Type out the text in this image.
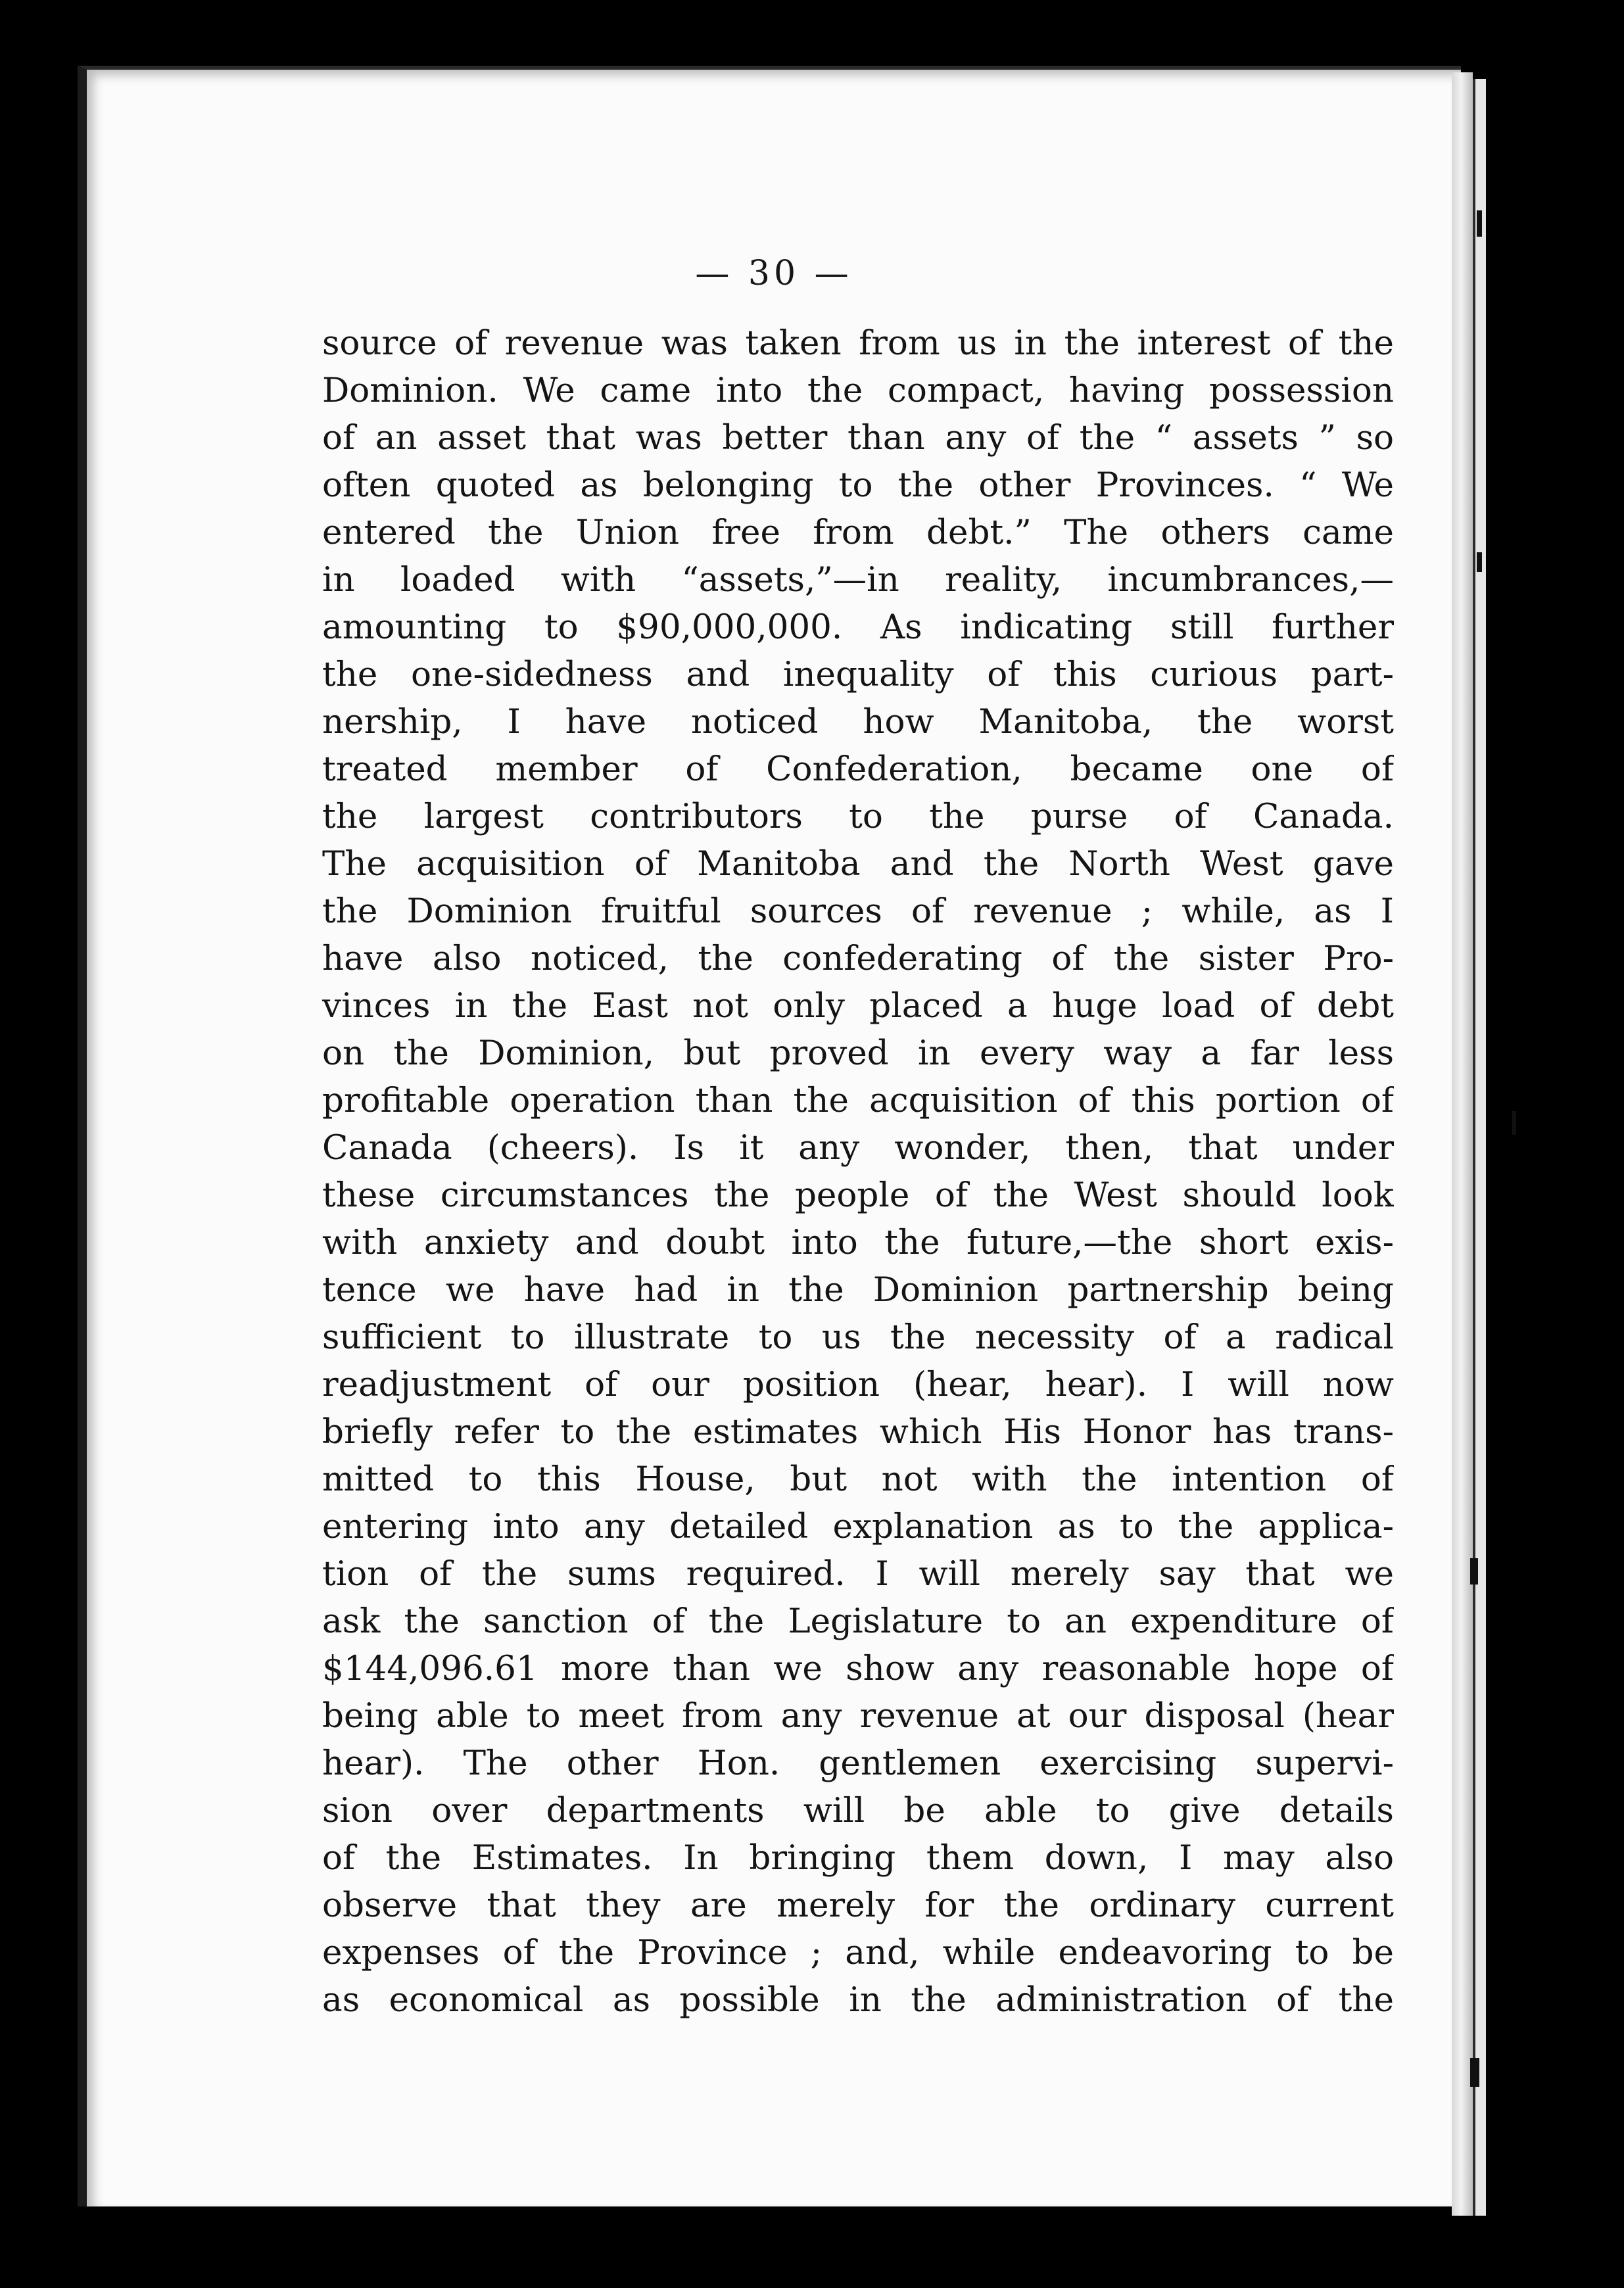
— 30 —
source of revenue was taken from us in the interest of the
Dominion. We came into the compact, having possession
of an asset that was better than any of the “ assets ” so
often quoted as belonging to the other Provinces. “ We
entered the Union free from debt.” The others came
in loaded with “assets,”—in reality, incumbrances,—
amounting to $90,000,000. As indicating still further
the one-sidedness and inequality of this curious part-
nership, I have noticed how Manitoba, the worst
treated member of Confederation, became one of
the largest contributors to the purse of Canada.
The acquisition of Manitoba and the North West gave
the Dominion fruitful sources of revenue ; while, as I
have also noticed, the confederating of the sister Pro-
vinces in the East not only placed a huge load of debt
on the Dominion, but proved in every way a far less
profitable operation than the acquisition of this portion of
Canada (cheers). Is it any wonder, then, that under
these circumstances the people of the West should look
with anxiety and doubt into the future,—the short exis-
tence we have had in the Dominion partnership being
sufficient to illustrate to us the necessity of a radical
readjustment of our position (hear, hear). I will now
briefly refer to the estimates which His Honor has trans-
mitted to this House, but not with the intention of
entering into any detailed explanation as to the applica-
tion of the sums required. I will merely say that we
ask the sanction of the Legislature to an expenditure of
$144,096.61 more than we show any reasonable hope of
being able to meet from any revenue at our disposal (hear
hear). The other Hon. gentlemen exercising supervi-
sion over departments will be able to give details
of the Estimates. In bringing them down, I may also
observe that they are merely for the ordinary current
expenses of the Province ; and, while endeavoring to be
as economical as possible in the administration of the
